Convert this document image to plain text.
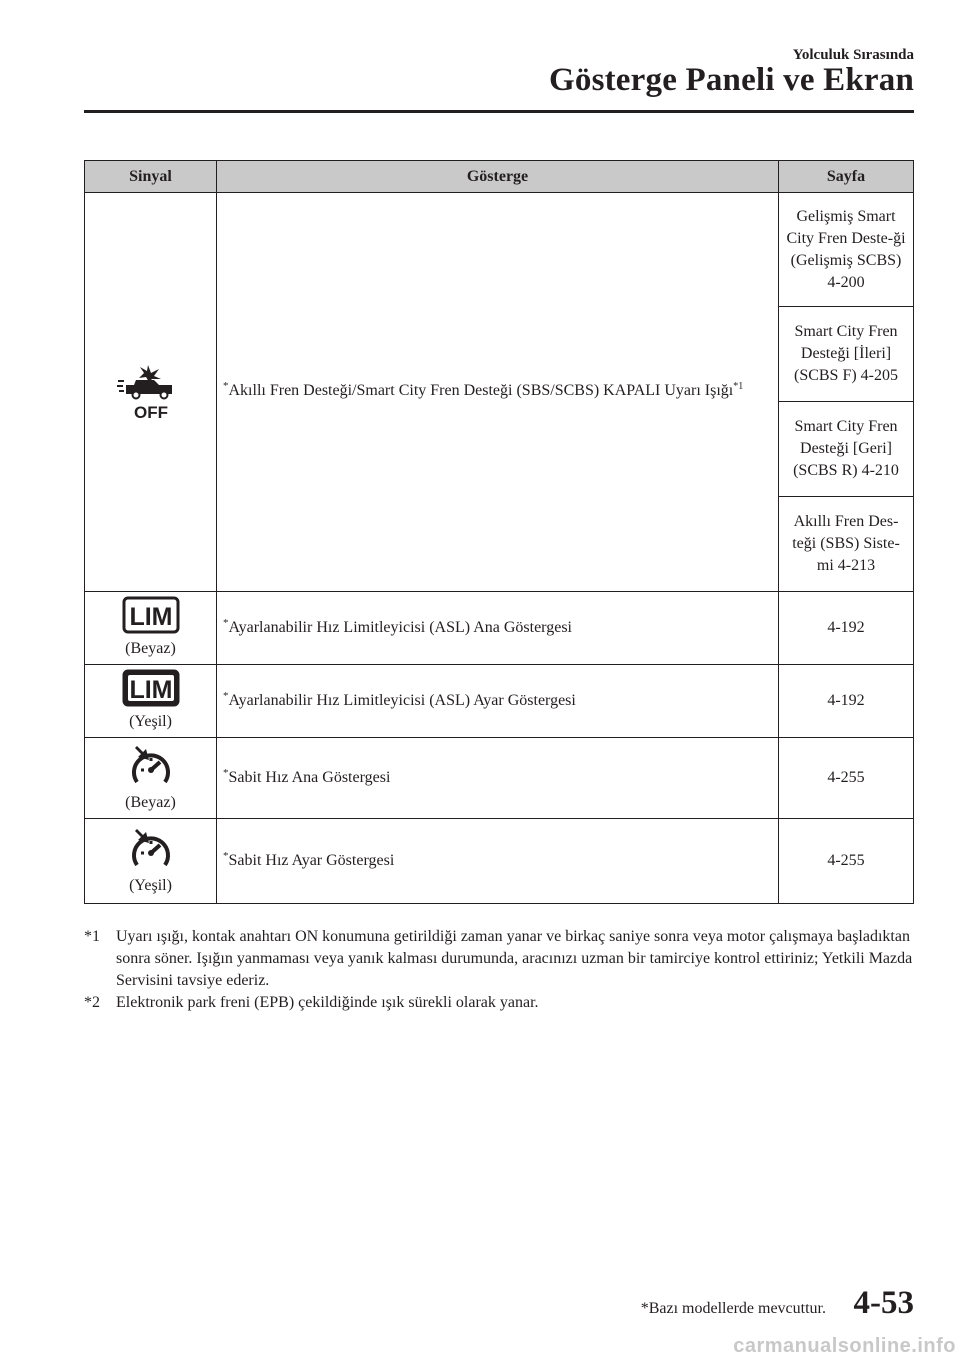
Yolculuk Sırasında
Gösterge Paneli ve Ekran
Sinyal	Gösterge	Sayfa

OFF	*Akıllı Fren Desteği/Smart City Fren Desteği (SBS/SCBS) KAPALI Uyarı Işığı$^{*1}$	Gelişmiş Smart City Fren Deste-ği (Gelişmiş SCBS) 4-200
		Smart City Fren Desteği [İleri] (SCBS F) 4-205
		Smart City Fren Desteği [Geri] (SCBS R) 4-210
		Akıllı Fren Des-teği (SBS) Siste-mi 4-213

LIM
(Beyaz)	*Ayarlanabilir Hız Limitleyicisi (ASL) Ana Göstergesi	4-192

LIM
(Yeşil)	*Ayarlanabilir Hız Limitleyicisi (ASL) Ayar Göstergesi	4-192

(Beyaz)	*Sabit Hız Ana Göstergesi	4-255

(Yeşil)	*Sabit Hız Ayar Göstergesi	4-255
*1 Uyarı ışığı, kontak anahtarı ON konumuna getirildiği zaman yanar ve birkaç saniye sonra veya motor çalışmaya başladıktan sonra söner. Işığın yanmaması veya yanık kalması durumunda, aracınızı uzman bir tamirciye kontrol ettiriniz; Yetkili Mazda Servisini tavsiye ederiz.
*2 Elektronik park freni (EPB) çekildiğinde ışık sürekli olarak yanar.
*Bazı modellerde mevcuttur. 4-53
carmanualsonline.info
